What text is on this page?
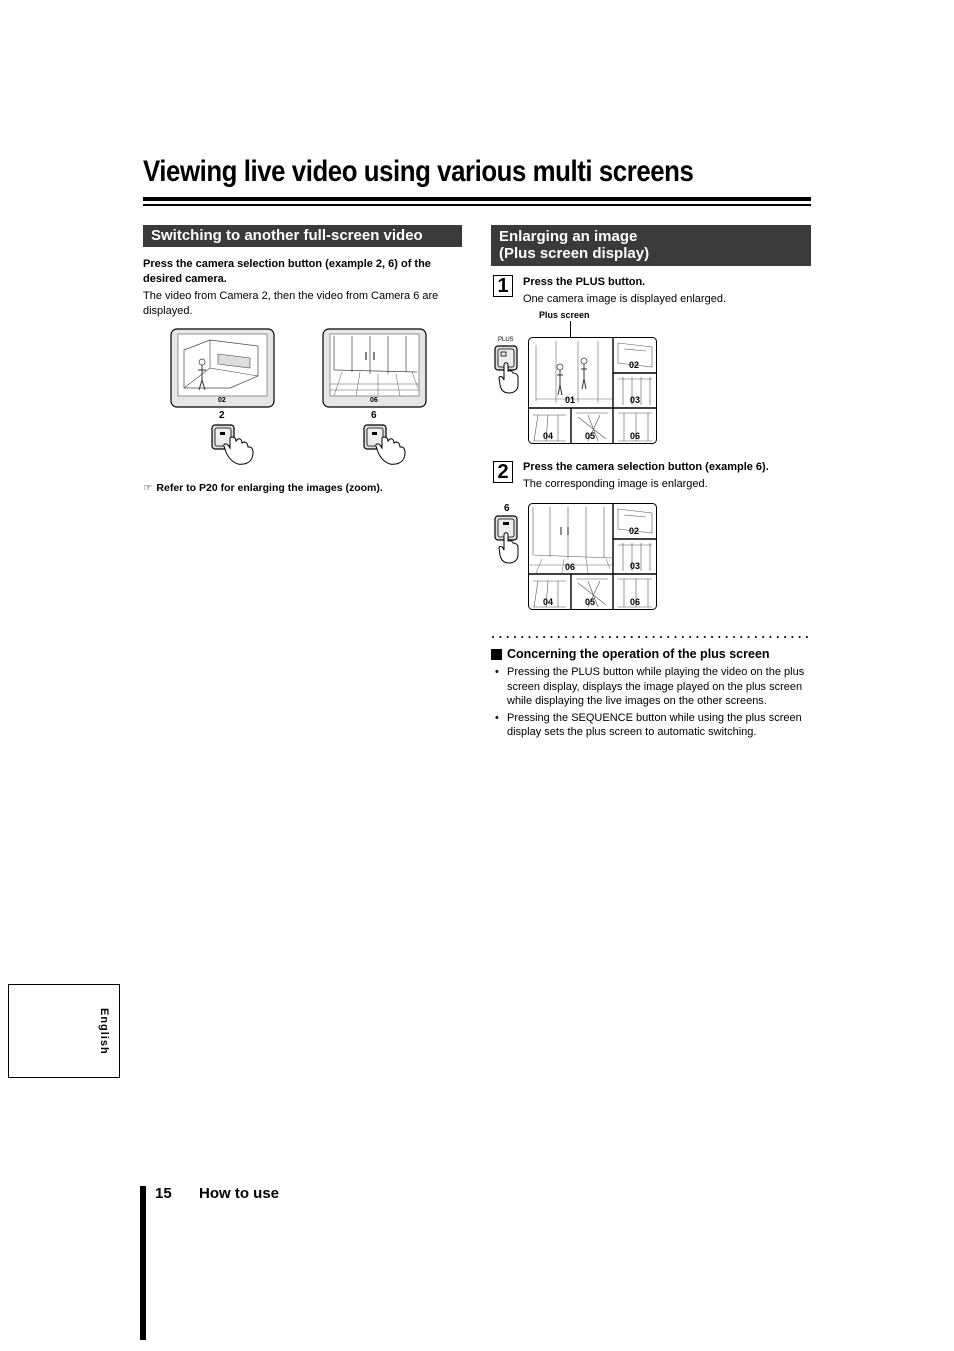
Viewing live video using various multi screens
Switching to another full-screen video
Press the camera selection button (example 2, 6) of the desired camera.
The video from Camera 2, then the video from Camera 6 are displayed.
02
2
06
6
☞ Refer to P20 for enlarging the images (zoom).
Enlarging an image
(Plus screen display)
1	Press the PLUS button.
One camera image is displayed enlarged.
Plus screen
PLUS
01
02
03
04	05	06
2	Press the camera selection button (example 6).
The corresponding image is enlarged.
6
06
02
03
04	05	06
Concerning the operation of the plus screen
• Pressing the PLUS button while playing the video on the plus screen display, displays the image played on the plus screen while displaying the live images on the other screens.
• Pressing the SEQUENCE button while using the plus screen display sets the plus screen to automatic switching.
English
15 How to use
